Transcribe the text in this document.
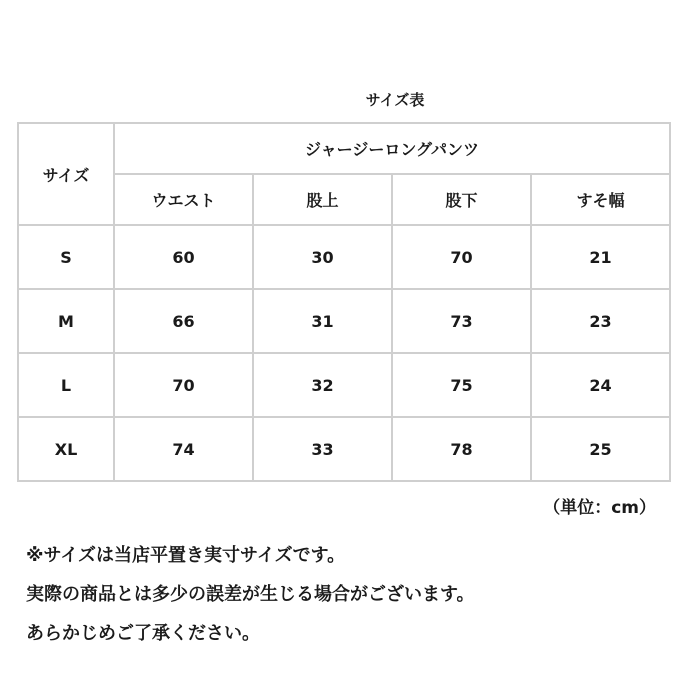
サイズ表
サイズ	ジャージーロングパンツ			
	ウエスト	股上	股下	すそ幅
S	60	30	70	21
M	66	31	73	23
L	70	32	75	24
XL	74	33	78	25
（単位：cm）

※サイズは当店平置き実寸サイズです。

実際の商品とは多少の誤差が生じる場合がございます。

あらかじめご了承ください。
